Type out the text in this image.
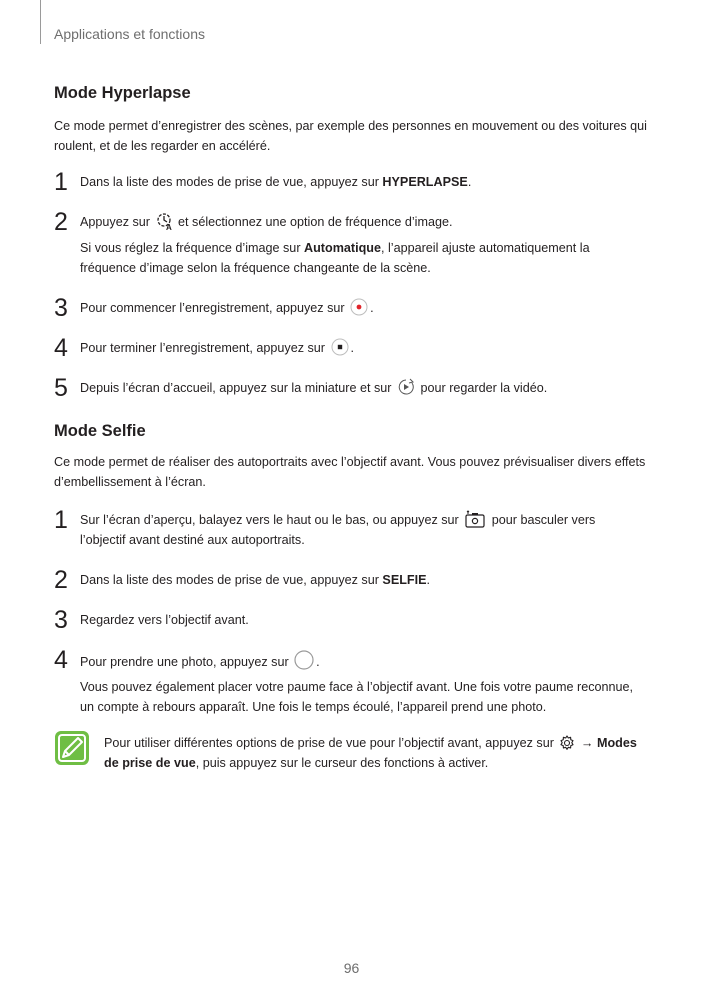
Applications et fonctions
Mode Hyperlapse
Ce mode permet d’enregistrer des scènes, par exemple des personnes en mouvement ou des voitures qui roulent, et de les regarder en accéléré.
1 Dans la liste des modes de prise de vue, appuyez sur HYPERLAPSE.
2 Appuyez sur A et sélectionnez une option de fréquence d’image.
Si vous réglez la fréquence d’image sur Automatique, l’appareil ajuste automatiquement la fréquence d’image selon la fréquence changeante de la scène.
3 Pour commencer l’enregistrement, appuyez sur .
4 Pour terminer l’enregistrement, appuyez sur .
5 Depuis l’écran d’accueil, appuyez sur la miniature et sur  pour regarder la vidéo.
Mode Selfie
Ce mode permet de réaliser des autoportraits avec l’objectif avant. Vous pouvez prévisualiser divers effets d’embellissement à l’écran.
1 Sur l’écran d’aperçu, balayez vers le haut ou le bas, ou appuyez sur  pour basculer vers l’objectif avant destiné aux autoportraits.
2 Dans la liste des modes de prise de vue, appuyez sur SELFIE.
3 Regardez vers l’objectif avant.
4 Pour prendre une photo, appuyez sur .
Vous pouvez également placer votre paume face à l’objectif avant. Une fois votre paume reconnue, un compte à rebours apparaît. Une fois le temps écoulé, l’appareil prend une photo.
Pour utiliser différentes options de prise de vue pour l’objectif avant, appuyez sur  → Modes de prise de vue, puis appuyez sur le curseur des fonctions à activer.
96
